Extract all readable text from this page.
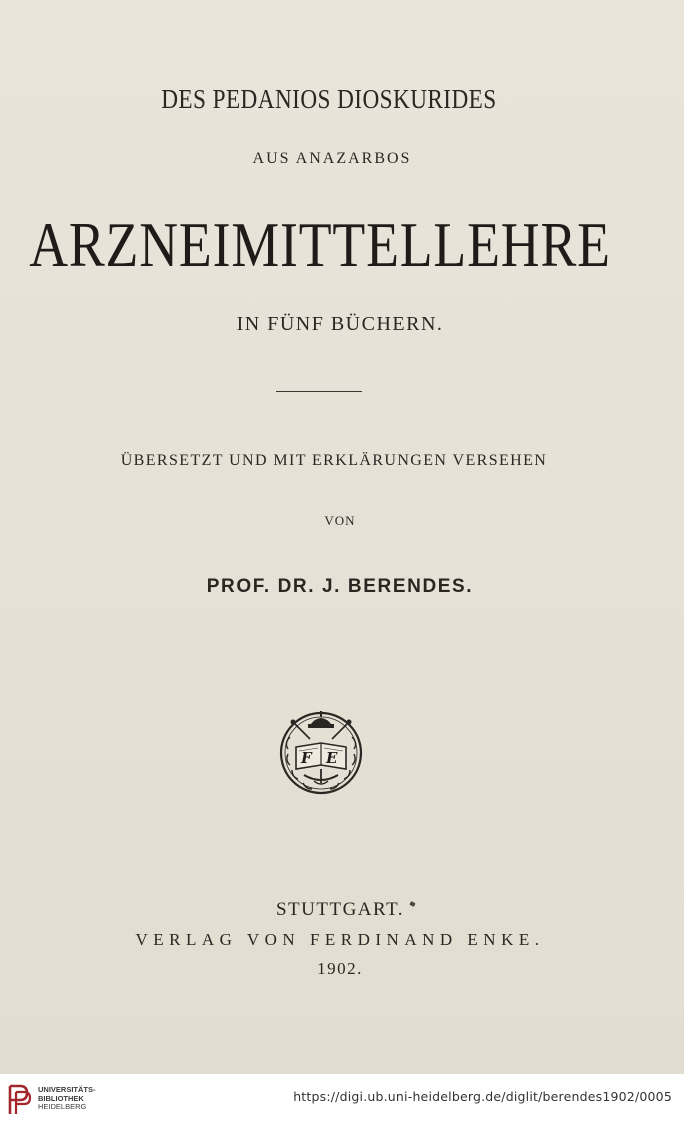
DES PEDANIOS DIOSKURIDES
AUS ANAZARBOS
ARZNEIMITTELLEHRE
IN FÜNF BÜCHERN.
ÜBERSETZT UND MIT ERKLÄRUNGEN VERSEHEN
VON
PROF. DR. J. BERENDES.
F E
STUTTGART.
VERLAG VON FERDINAND ENKE.
1902.
UNIVERSITÄTS-
BIBLIOTHEK
HEIDELBERG
https://digi.ub.uni-heidelberg.de/diglit/berendes1902/0005
